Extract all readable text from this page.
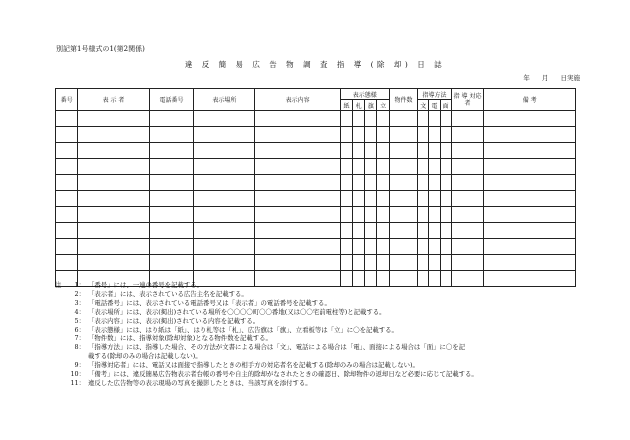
別記第1号様式の1(第2関係)
違 反 簡 易 広 告 物 調 査 指 導 (除 却) 日 誌
年 月 日実施
番号	表 示 者	電話番号	表示場所	表示内容	表示態様				物件数	指導方法			指 導 対応者	備 考
					紙	札	旗	立		文	電	面		

注	1： 「番号」には、一連の番号を記載する。
2： 「表示者」には、表示されている広告主名を記載する。
3： 「電話番号」には、表示されている電話番号又は「表示者」の電話番号を記載する。
4： 「表示場所」には、表示(掲出)されている場所を〇〇〇〇町〇〇番地(又は〇〇宅前電柱等)と記載する。
5： 「表示内容」には、表示(掲出)されている内容を記載する。
6： 「表示態様」には、はり紙は「紙」、はり札等は「札」、広告旗は「旗」、立看板等は「立」に〇を記載する。
7： 「物件数」には、指導対象(除却対象)となる物件数を記載する。
8： 「指導方法」には、指導した場合、その方法が文書による場合は「文」、電話による場合は「電」、面接による場合は「面」に〇を記
載する(除却のみの場合は記載しない)。
9： 「指導対応者」には、電話又は面接で指導したときの相手方の対応者名を記載する(除却のみの場合は記載しない)。
10： 「備考」には、違反簡易広告物表示者台帳の番号や自主的除却がなされたときの確認日、除却物件の返却日など必要に応じて記載する。
11： 違反した広告物等の表示現場の写真を撮影したときは、当該写真を添付する。
